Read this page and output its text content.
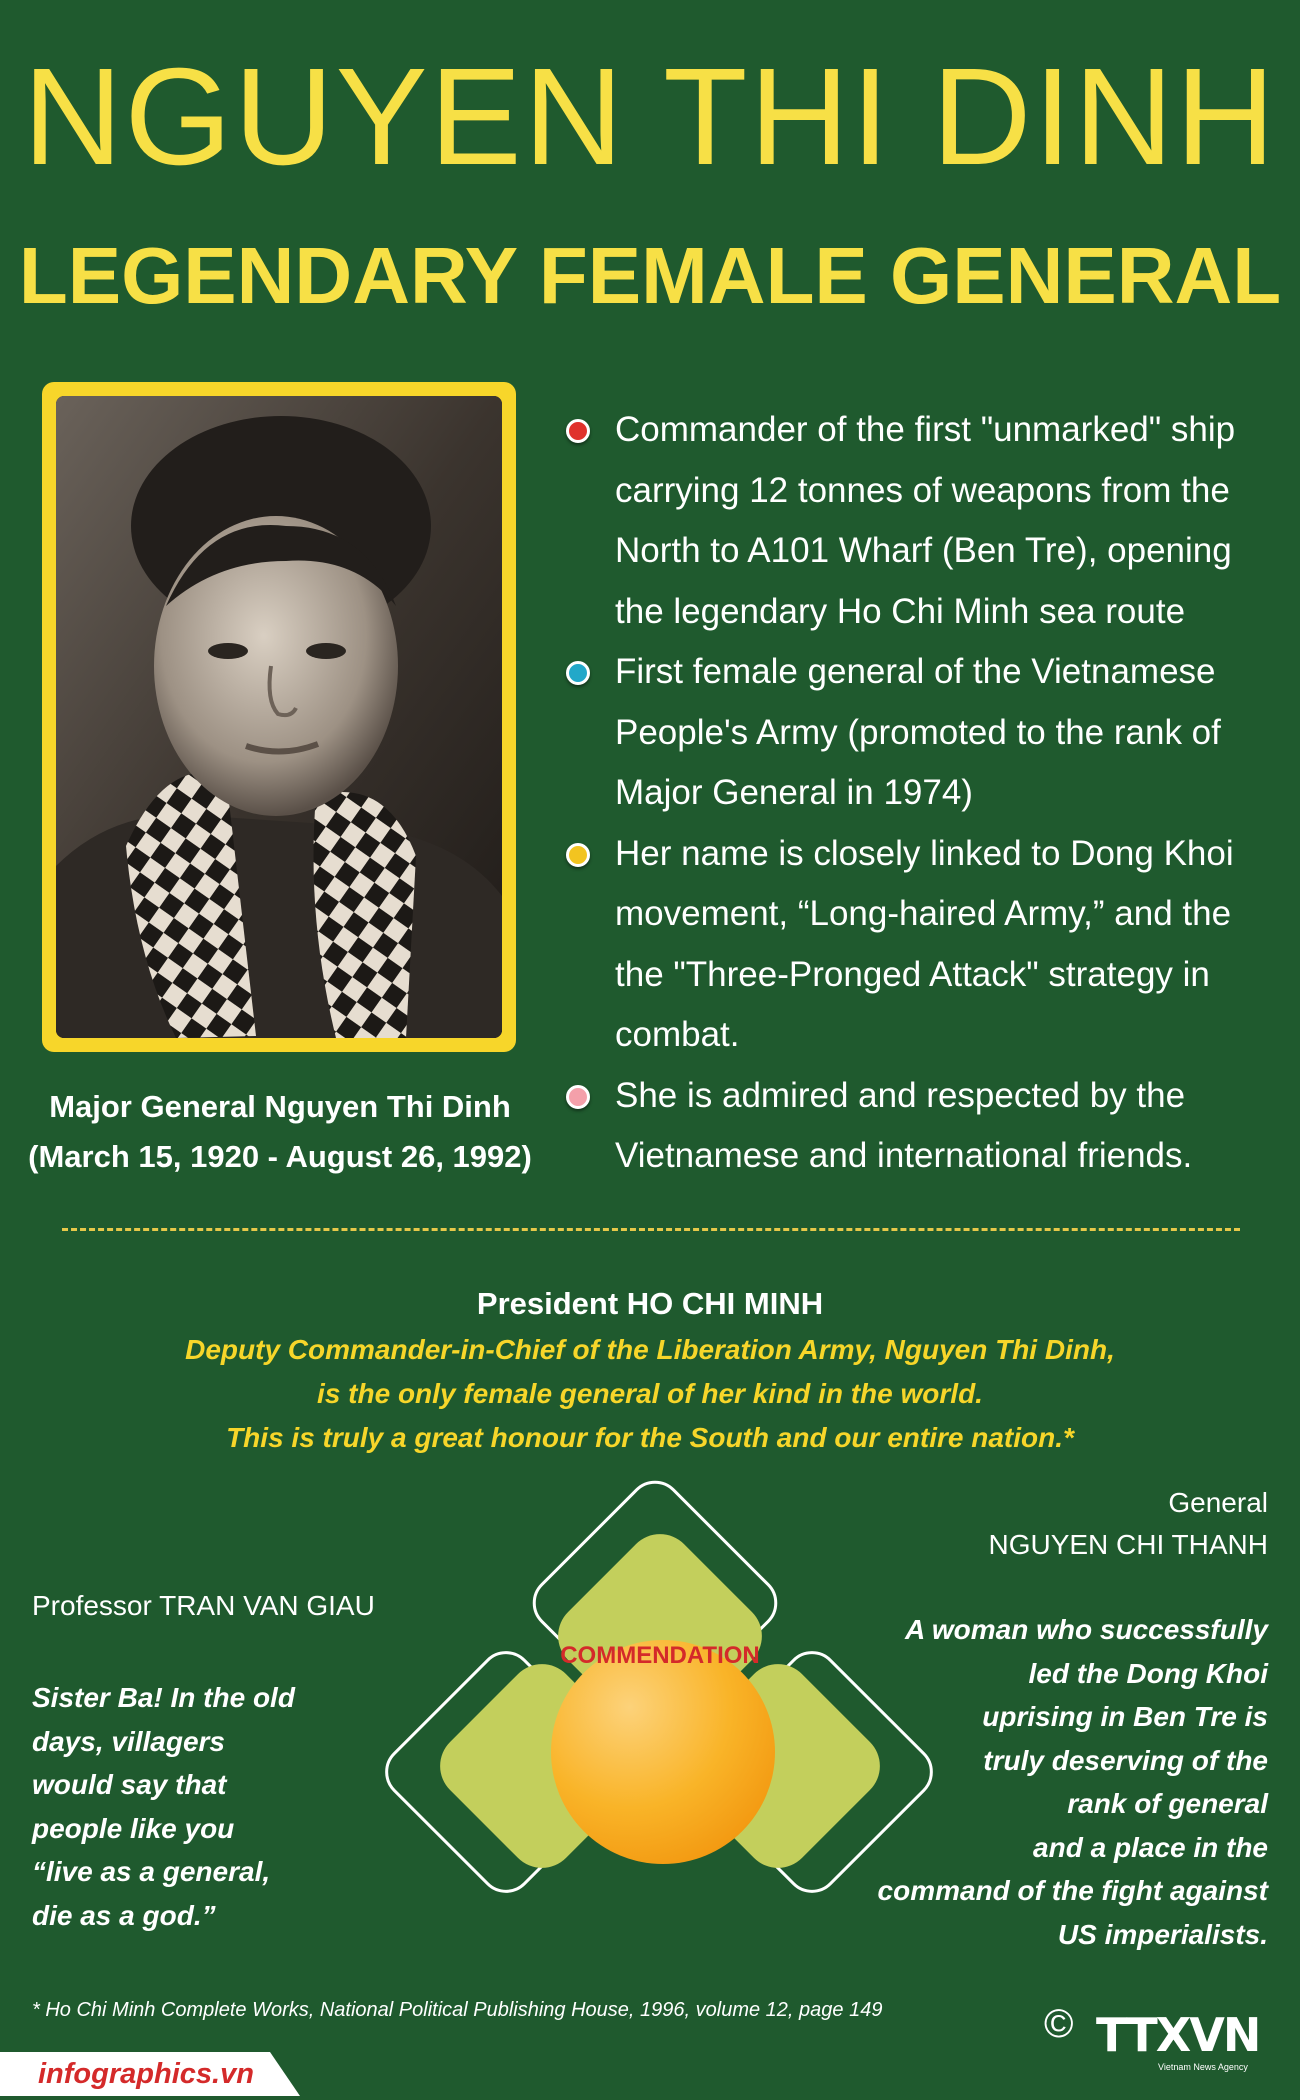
NGUYEN THI DINH
LEGENDARY FEMALE GENERAL
Major General Nguyen Thi Dinh
(March 15, 1920 - August 26, 1992)
Commander of the first "unmarked" ship carrying 12 tonnes of weapons from the North to A101 Wharf (Ben Tre), opening the legendary Ho Chi Minh sea route
First female general of the Vietnamese People's Army (promoted to the rank of Major General in 1974)
Her name is closely linked to Dong Khoi movement, “Long-haired Army,” and the the "Three-Pronged Attack" strategy in combat.
She is admired and respected by the Vietnamese and international friends.
President HO CHI MINH
Deputy Commander-in-Chief of the Liberation Army, Nguyen Thi Dinh,
is the only female general of her kind in the world.
This is truly a great honour for the South and our entire nation.*
General
NGUYEN CHI THANH
A woman who successfully
led the Dong Khoi
uprising in Ben Tre is
truly deserving of the
rank of general
and a place in the
command of the fight against
US imperialists.
Professor TRAN VAN GIAU
Sister Ba! In the old
days, villagers
would say that
people like you
“live as a general,
die as a god.”
COMMENDATION
* Ho Chi Minh Complete Works, National Political Publishing House, 1996, volume 12, page 149
infographics.vn
© TTXVN
Vietnam News Agency
